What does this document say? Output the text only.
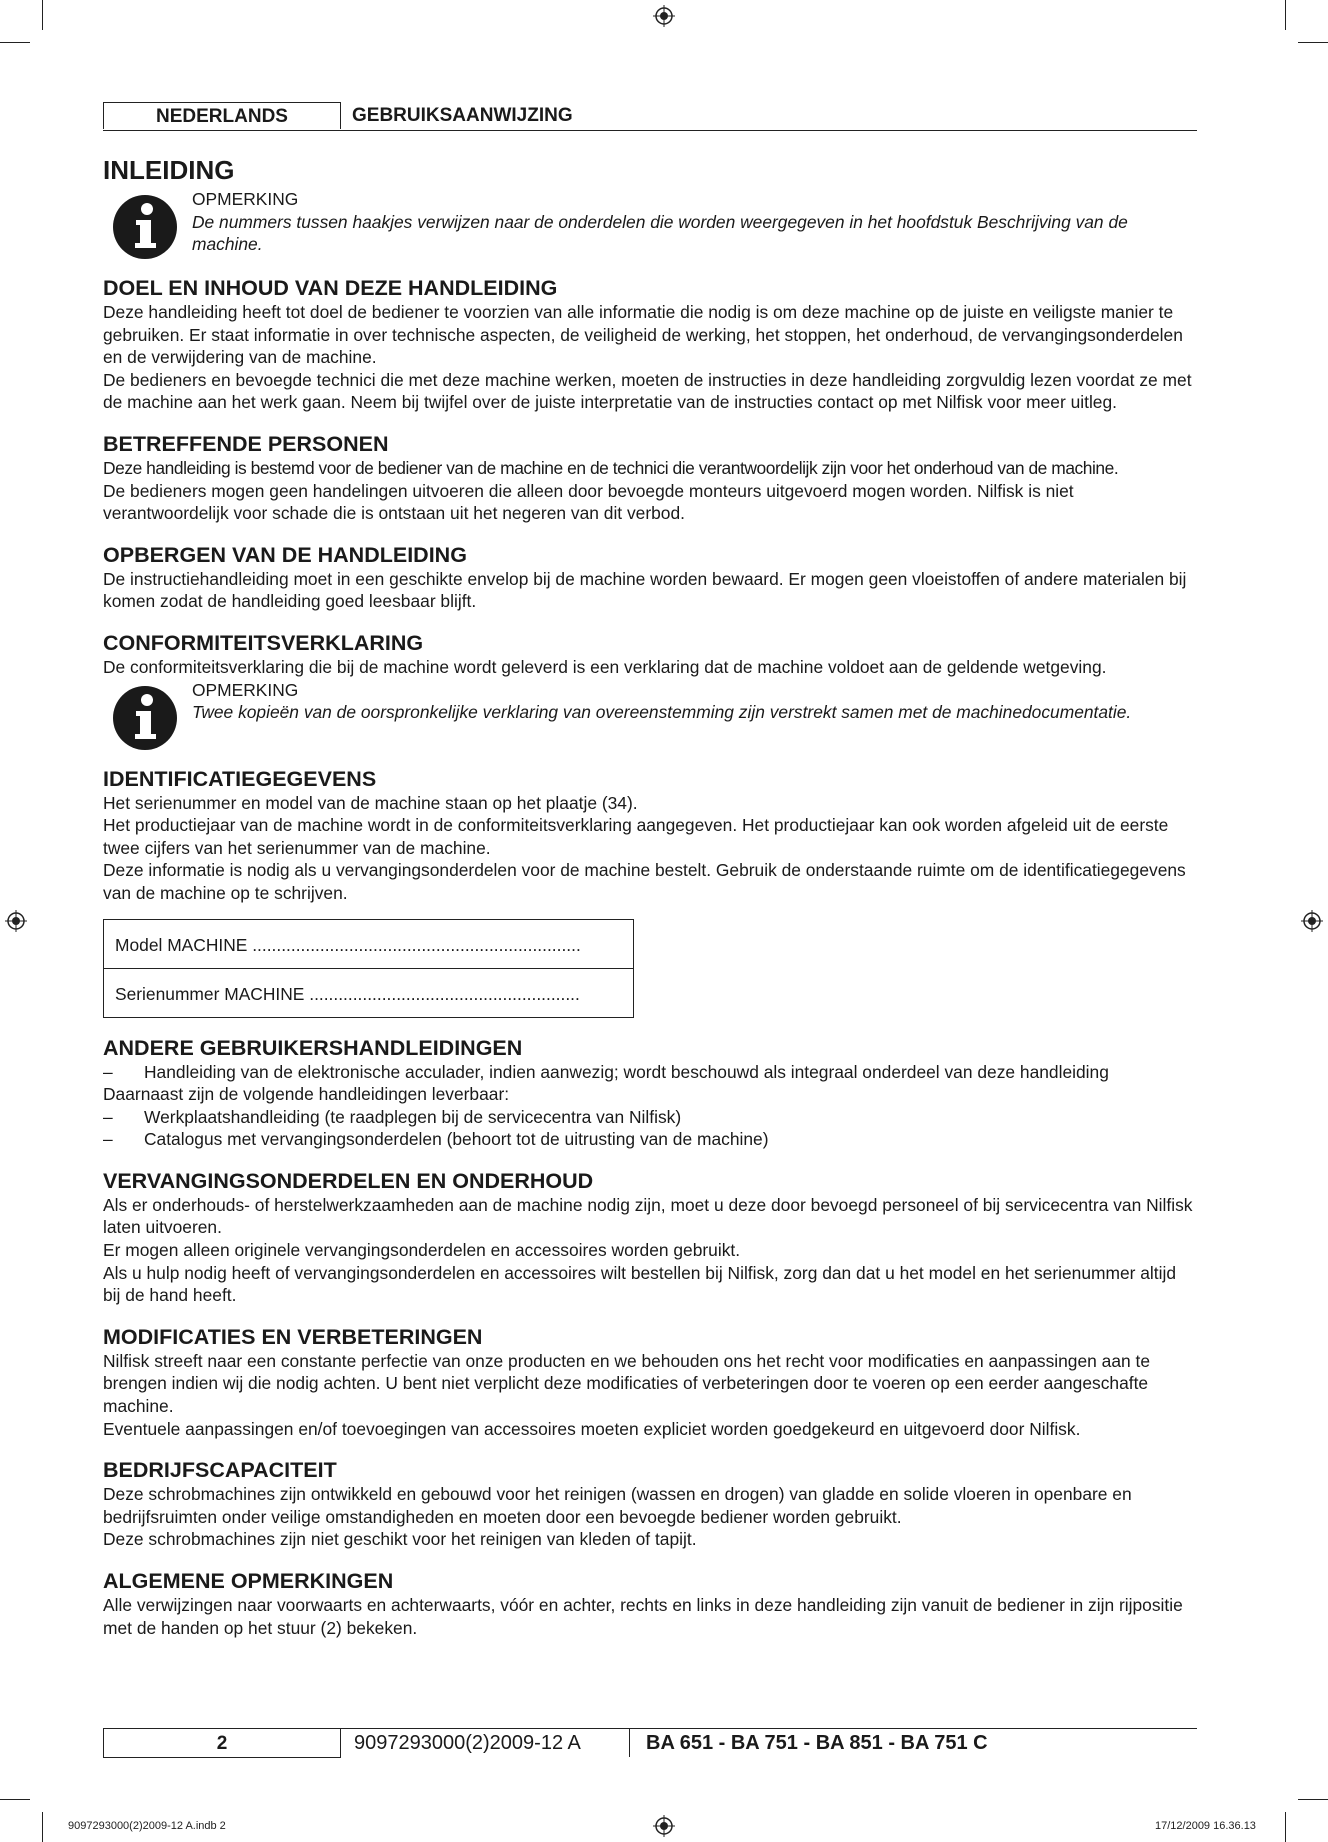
NEDERLANDS	GEBRUIKSAANWIJZING
INLEIDING
OPMERKING

De nummers tussen haakjes verwijzen naar de onderdelen die worden weergegeven in het hoofdstuk Beschrijving van de machine.

DOEL EN INHOUD VAN DEZE HANDLEIDING

Deze handleiding heeft tot doel de bediener te voorzien van alle informatie die nodig is om deze machine op de juiste en veiligste manier te gebruiken. Er staat informatie in over technische aspecten, de veiligheid de werking, het stoppen, het onderhoud, de vervangingsonderdelen en de verwijdering van de machine.

De bedieners en bevoegde technici die met deze machine werken, moeten de instructies in deze handleiding zorgvuldig lezen voordat ze met de machine aan het werk gaan. Neem bij twijfel over de juiste interpretatie van de instructies contact op met Nilfisk voor meer uitleg.

BETREFFENDE PERSONEN

Deze handleiding is bestemd voor de bediener van de machine en de technici die verantwoordelijk zijn voor het onderhoud van de machine.

De bedieners mogen geen handelingen uitvoeren die alleen door bevoegde monteurs uitgevoerd mogen worden. Nilfisk is niet verantwoordelijk voor schade die is ontstaan uit het negeren van dit verbod.

OPBERGEN VAN DE HANDLEIDING

De instructiehandleiding moet in een geschikte envelop bij de machine worden bewaard. Er mogen geen vloeistoffen of andere materialen bij komen zodat de handleiding goed leesbaar blijft.

CONFORMITEITSVERKLARING

De conformiteitsverklaring die bij de machine wordt geleverd is een verklaring dat de machine voldoet aan de geldende wetgeving.

OPMERKING

Twee kopieën van de oorspronkelijke verklaring van overeenstemming zijn verstrekt samen met de machinedocumentatie.

IDENTIFICATIEGEGEVENS

Het serienummer en model van de machine staan op het plaatje (34).

Het productiejaar van de machine wordt in de conformiteitsverklaring aangegeven. Het productiejaar kan ook worden afgeleid uit de eerste twee cijfers van het serienummer van de machine.

Deze informatie is nodig als u vervangingsonderdelen voor de machine bestelt. Gebruik de onderstaande ruimte om de identificatiegegevens van de machine op te schrijven.

Model MACHINE ....................................................................
Serienummer MACHINE ........................................................
ANDERE GEBRUIKERSHANDLEIDINGEN
–	Handleiding van de elektronische acculader, indien aanwezig; wordt beschouwd als integraal onderdeel van deze handleiding

Daarnaast zijn de volgende handleidingen leverbaar:

–	Werkplaatshandleiding (te raadplegen bij de servicecentra van Nilfisk)
–	Catalogus met vervangingsonderdelen (behoort tot de uitrusting van de machine)
VERVANGINGSONDERDELEN EN ONDERHOUD

Als er onderhouds- of herstelwerkzaamheden aan de machine nodig zijn, moet u deze door bevoegd personeel of bij servicecentra van Nilfisk laten uitvoeren.

Er mogen alleen originele vervangingsonderdelen en accessoires worden gebruikt.

Als u hulp nodig heeft of vervangingsonderdelen en accessoires wilt bestellen bij Nilfisk, zorg dan dat u het model en het serienummer altijd bij de hand heeft.

MODIFICATIES EN VERBETERINGEN

Nilfisk streeft naar een constante perfectie van onze producten en we behouden ons het recht voor modificaties en aanpassingen aan te brengen indien wij die nodig achten. U bent niet verplicht deze modificaties of verbeteringen door te voeren op een eerder aangeschafte machine.

Eventuele aanpassingen en/of toevoegingen van accessoires moeten expliciet worden goedgekeurd en uitgevoerd door Nilfisk.

BEDRIJFSCAPACITEIT

Deze schrobmachines zijn ontwikkeld en gebouwd voor het reinigen (wassen en drogen) van gladde en solide vloeren in openbare en bedrijfsruimten onder veilige omstandigheden en moeten door een bevoegde bediener worden gebruikt.

Deze schrobmachines zijn niet geschikt voor het reinigen van kleden of tapijt.

ALGEMENE OPMERKINGEN

Alle verwijzingen naar voorwaarts en achterwaarts, vóór en achter, rechts en links in deze handleiding zijn vanuit de bediener in zijn rijpositie met de handen op het stuur (2) bekeken.

2	9097293000(2)2009-12 A	BA 651 - BA 751 - BA 851 - BA 751 C
9097293000(2)2009-12 A.indb 2	17/12/2009 16.36.13
